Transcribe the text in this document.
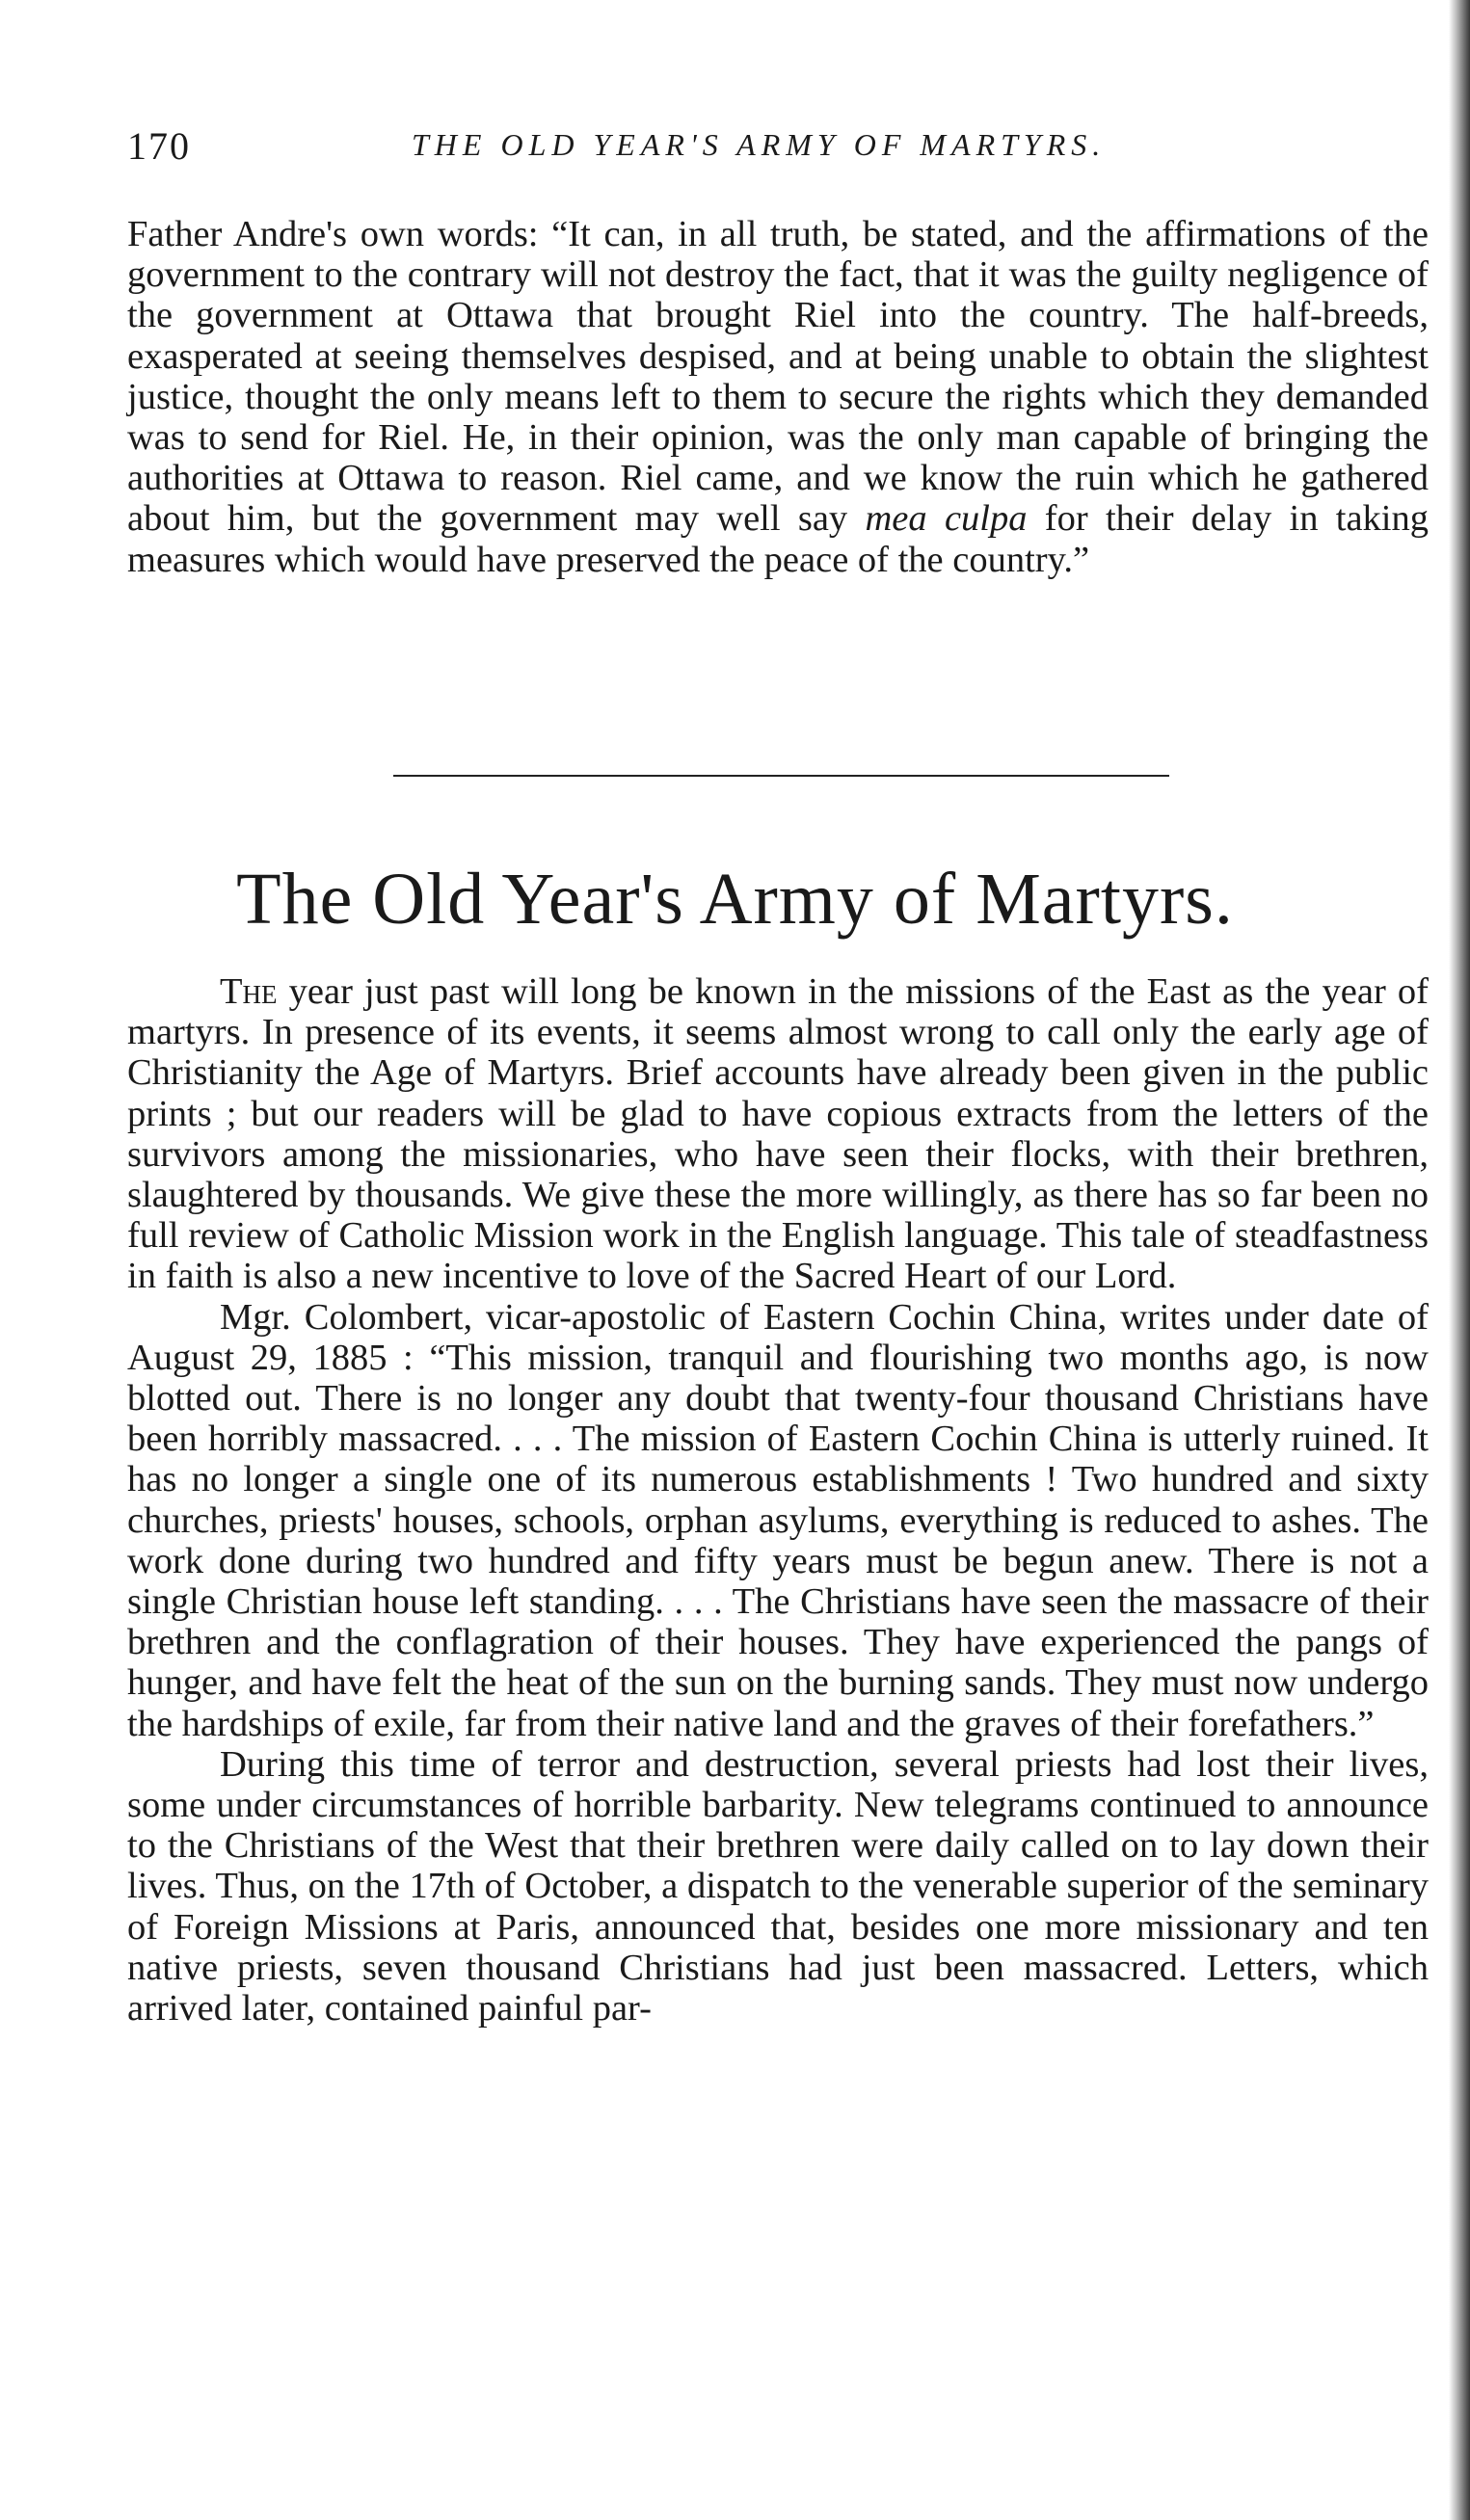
170	THE OLD YEAR'S ARMY OF MARTYRS.

Father Andre's own words: “It can, in all truth, be stated, and the affirmations of the government to the contrary will not destroy the fact, that it was the guilty negligence of the government at Ottawa that brought Riel into the country. The half-breeds, exasperated at seeing themselves despised, and at being unable to obtain the slightest justice, thought the only means left to them to secure the rights which they demanded was to send for Riel. He, in their opinion, was the only man capable of bringing the authorities at Ottawa to reason. Riel came, and we know the ruin which he gathered about him, but the government may well say mea culpa for their delay in taking measures which would have preserved the peace of the country.”

The Old Year's Army of Martyrs.

The year just past will long be known in the missions of the East as the year of martyrs. In presence of its events, it seems almost wrong to call only the early age of Christianity the Age of Martyrs. Brief accounts have already been given in the public prints ; but our readers will be glad to have copious extracts from the letters of the survivors among the missionaries, who have seen their flocks, with their brethren, slaughtered by thousands. We give these the more willingly, as there has so far been no full review of Catholic Mission work in the English language. This tale of steadfastness in faith is also a new incentive to love of the Sacred Heart of our Lord.

Mgr. Colombert, vicar-apostolic of Eastern Cochin China, writes under date of August 29, 1885 : “This mission, tranquil and flourishing two months ago, is now blotted out. There is no longer any doubt that twenty-four thousand Christians have been horribly massacred. . . . The mission of Eastern Cochin China is utterly ruined. It has no longer a single one of its numerous establishments ! Two hundred and sixty churches, priests' houses, schools, orphan asylums, everything is reduced to ashes. The work done during two hundred and fifty years must be begun anew. There is not a single Christian house left standing. . . . The Christians have seen the massacre of their brethren and the conflagration of their houses. They have experienced the pangs of hunger, and have felt the heat of the sun on the burning sands. They must now undergo the hardships of exile, far from their native land and the graves of their forefathers.”

During this time of terror and destruction, several priests had lost their lives, some under circumstances of horrible barbarity. New telegrams continued to announce to the Christians of the West that their brethren were daily called on to lay down their lives. Thus, on the 17th of October, a dispatch to the venerable superior of the seminary of Foreign Missions at Paris, announced that, besides one more missionary and ten native priests, seven thousand Christians had just been massacred. Letters, which arrived later, contained painful par-
